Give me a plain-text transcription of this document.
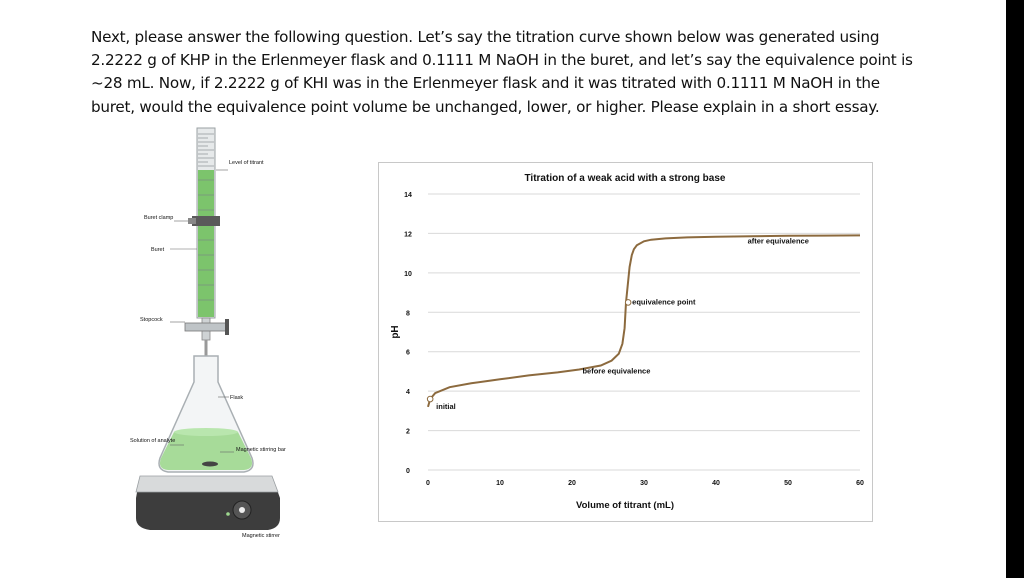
Next, please answer the following question. Let’s say the titration curve shown below was generated using 2.2222 g of KHP in the Erlenmeyer flask and 0.1111 M NaOH in the buret, and let’s say the equivalence point is ~28 mL. Now, if 2.2222 g of KHI was in the Erlenmeyer flask and it was titrated with 0.1111 M NaOH in the buret, would the equivalence point volume be unchanged, lower, or higher. Please explain in a short essay.

Level of titrant
Buret clamp
Buret
Stopcock
Flask
Solution of analyte
Magnetic stirring bar
Magnetic stirrer
Titration of a weak acid with a strong base
0
2
4
6
8
10
12
14
0	10	20	30	40	50	60
initial
before equivalence
equivalence point
after equivalence
Volume of titrant (mL)
pH
